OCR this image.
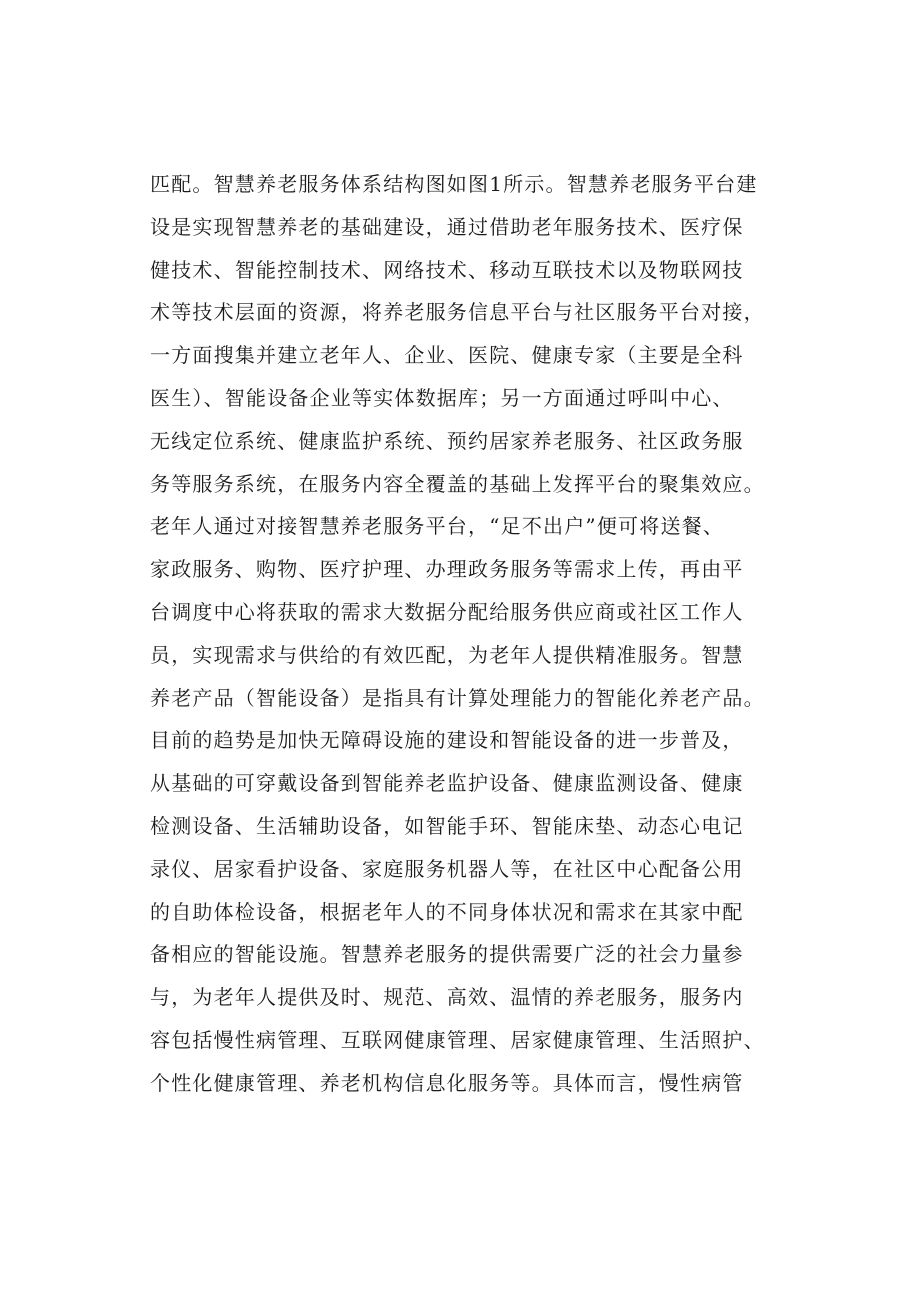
匹配。智慧养老服务体系结构图如图1所示。智慧养老服务平台建
设是实现智慧养老的基础建设，通过借助老年服务技术、医疗保
健技术、智能控制技术、网络技术、移动互联技术以及物联网技
术等技术层面的资源，将养老服务信息平台与社区服务平台对接，
一方面搜集并建立老年人、企业、医院、健康专家（主要是全科
医生）、智能设备企业等实体数据库；另一方面通过呼叫中心、
无线定位系统、健康监护系统、预约居家养老服务、社区政务服
务等服务系统，在服务内容全覆盖的基础上发挥平台的聚集效应。
老年人通过对接智慧养老服务平台，“足不出户”便可将送餐、
家政服务、购物、医疗护理、办理政务服务等需求上传，再由平
台调度中心将获取的需求大数据分配给服务供应商或社区工作人
员，实现需求与供给的有效匹配，为老年人提供精准服务。智慧
养老产品（智能设备）是指具有计算处理能力的智能化养老产品。
目前的趋势是加快无障碍设施的建设和智能设备的进一步普及，
从基础的可穿戴设备到智能养老监护设备、健康监测设备、健康
检测设备、生活辅助设备，如智能手环、智能床垫、动态心电记
录仪、居家看护设备、家庭服务机器人等，在社区中心配备公用
的自助体检设备，根据老年人的不同身体状况和需求在其家中配
备相应的智能设施。智慧养老服务的提供需要广泛的社会力量参
与，为老年人提供及时、规范、高效、温情的养老服务，服务内
容包括慢性病管理、互联网健康管理、居家健康管理、生活照护、
个性化健康管理、养老机构信息化服务等。具体而言，慢性病管
